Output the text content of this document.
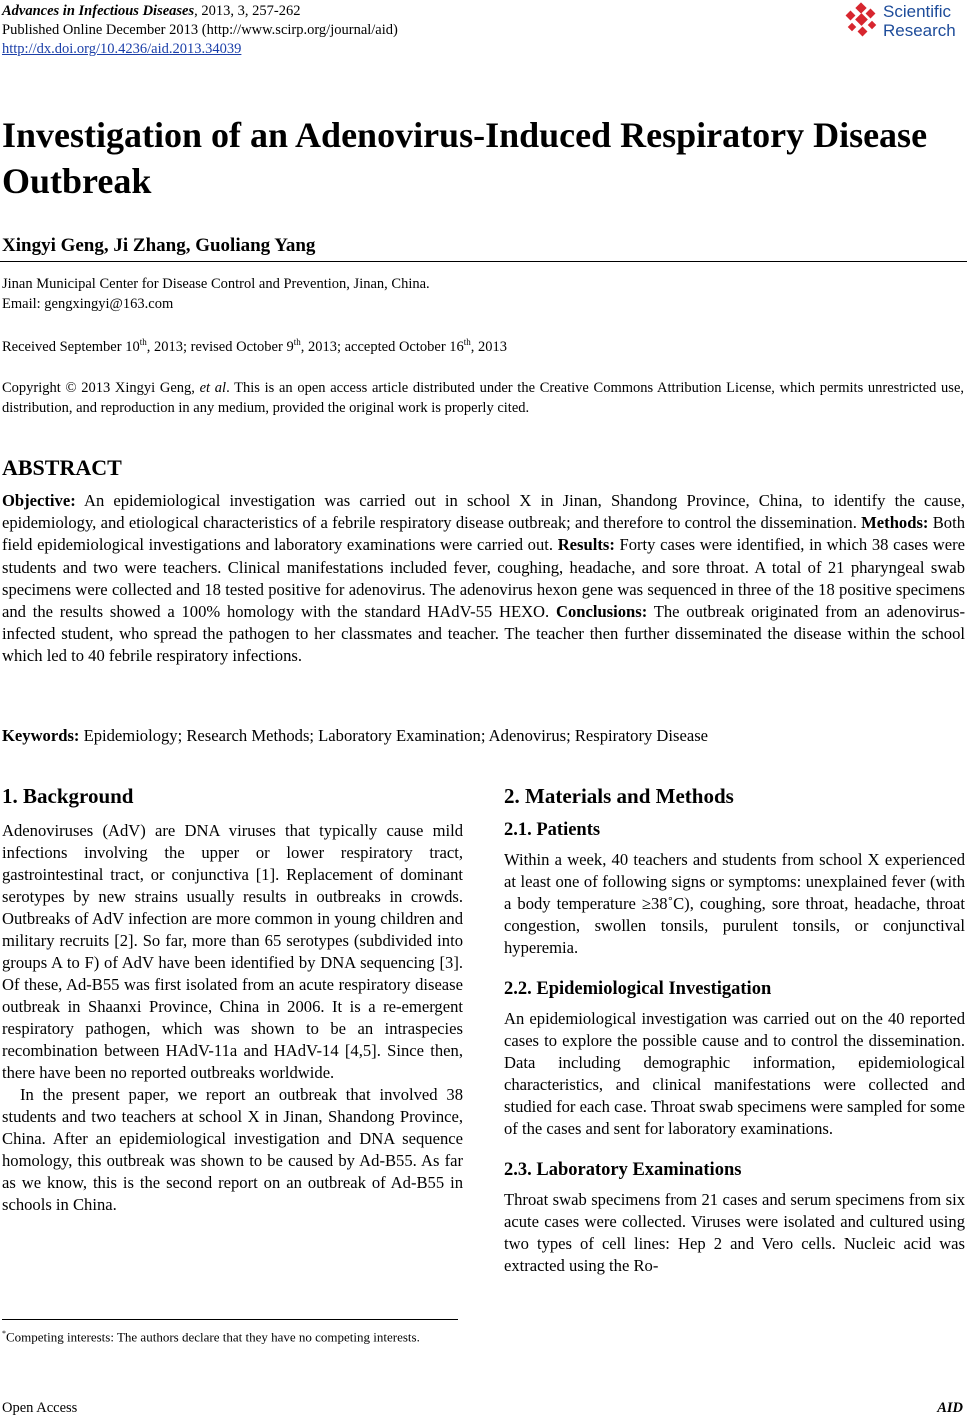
Advances in Infectious Diseases, 2013, 3, 257-262
Published Online December 2013 (http://www.scirp.org/journal/aid)
http://dx.doi.org/10.4236/aid.2013.34039
Scientific
Research
Investigation of an Adenovirus-Induced Respiratory Disease Outbreak
Xingyi Geng, Ji Zhang, Guoliang Yang
Jinan Municipal Center for Disease Control and Prevention, Jinan, China.
Email: gengxingyi@163.com
Received September 10th, 2013; revised October 9th, 2013; accepted October 16th, 2013
Copyright © 2013 Xingyi Geng, et al. This is an open access article distributed under the Creative Commons Attribution License, which permits unrestricted use, distribution, and reproduction in any medium, provided the original work is properly cited.
ABSTRACT
Objective: An epidemiological investigation was carried out in school X in Jinan, Shandong Province, China, to identify the cause, epidemiology, and etiological characteristics of a febrile respiratory disease outbreak; and therefore to control the dissemination. Methods: Both field epidemiological investigations and laboratory examinations were carried out. Results: Forty cases were identified, in which 38 cases were students and two were teachers. Clinical manifestations included fever, coughing, headache, and sore throat. A total of 21 pharyngeal swab specimens were collected and 18 tested positive for adenovirus. The adenovirus hexon gene was sequenced in three of the 18 positive specimens and the results showed a 100% homology with the standard HAdV-55 HEXO. Conclusions: The outbreak originated from an adenovirus-infected student, who spread the pathogen to her classmates and teacher. The teacher then further disseminated the disease within the school which led to 40 febrile respiratory infections.
Keywords: Epidemiology; Research Methods; Laboratory Examination; Adenovirus; Respiratory Disease
1. Background

Adenoviruses (AdV) are DNA viruses that typically cause mild infections involving the upper or lower respiratory tract, gastrointestinal tract, or conjunctiva [1]. Replacement of dominant serotypes by new strains usually results in outbreaks in crowds. Outbreaks of AdV infection are more common in young children and military recruits [2]. So far, more than 65 serotypes (subdivided into groups A to F) of AdV have been identified by DNA sequencing [3]. Of these, Ad-B55 was first isolated from an acute respiratory disease outbreak in Shaanxi Province, China in 2006. It is a re-emergent respiratory pathogen, which was shown to be an intraspecies recombination between HAdV-11a and HAdV-14 [4,5]. Since then, there have been no reported outbreaks worldwide.

In the present paper, we report an outbreak that involved 38 students and two teachers at school X in Jinan, Shandong Province, China. After an epidemiological investigation and DNA sequence homology, this outbreak was shown to be caused by Ad-B55. As far as we know, this is the second report on an outbreak of Ad-B55 in schools in China.

*Competing interests: The authors declare that they have no competing interests.
2. Materials and Methods
2.1. Patients

Within a week, 40 teachers and students from school X experienced at least one of following signs or symptoms: unexplained fever (with a body temperature ≥38˚C), coughing, sore throat, headache, throat congestion, swollen tonsils, purulent tonsils, or conjunctival hyperemia.

2.2. Epidemiological Investigation

An epidemiological investigation was carried out on the 40 reported cases to explore the possible cause and to control the dissemination. Data including demographic information, epidemiological characteristics, and clinical manifestations were collected and studied for each case. Throat swab specimens were sampled for some of the cases and sent for laboratory examinations.

2.3. Laboratory Examinations

Throat swab specimens from 21 cases and serum specimens from six acute cases were collected. Viruses were isolated and cultured using two types of cell lines: Hep 2 and Vero cells. Nucleic acid was extracted using the Ro-

Open Access	AID
